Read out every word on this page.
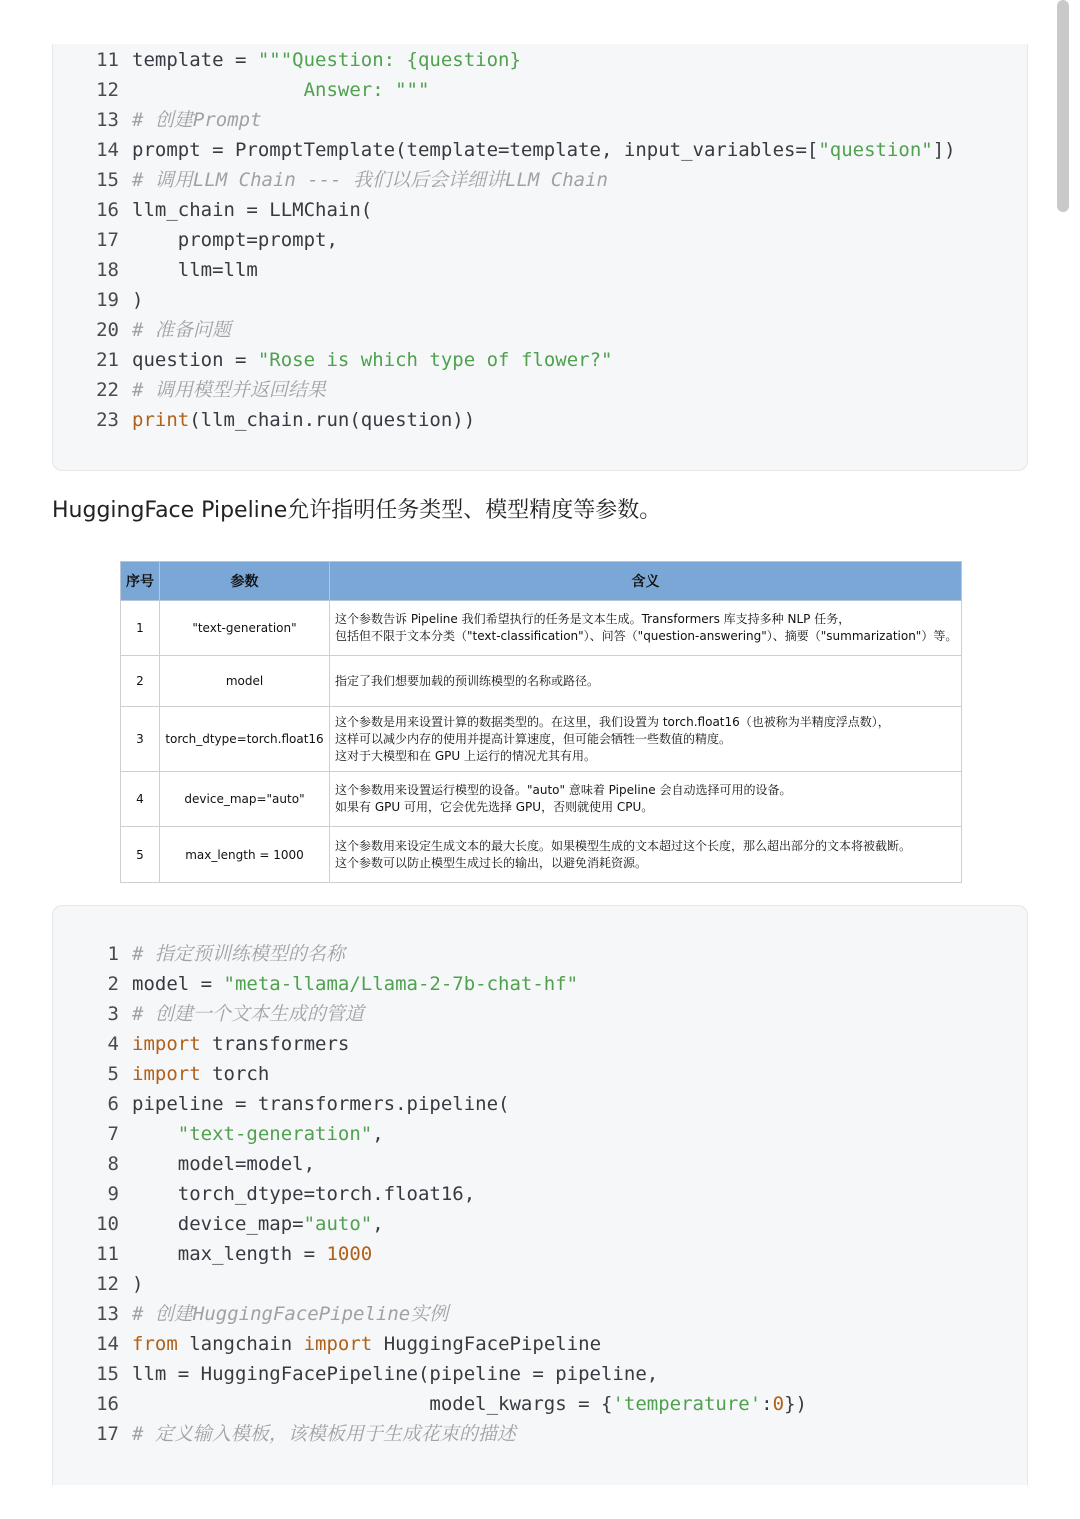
11 template = """Question: {question}
12	Answer: """
13 # 创建Prompt
14 prompt = PromptTemplate(template=template, input_variables=["question"])
15 # 调用LLM Chain --- 我们以后会详细讲LLM Chain
16 llm_chain = LLMChain(
17 prompt=prompt,
18 llm=llm
19 )
20 # 准备问题
21 question = "Rose is which type of flower?"
22 # 调用模型并返回结果
23 print(llm_chain.run(question))

HuggingFace Pipeline允许指明任务类型、模型精度等参数。

序号	参数	含义
1	"text-generation"	这个参数告诉 Pipeline 我们希望执行的任务是文本生成。Transformers 库支持多种 NLP 任务，
包括但不限于文本分类（"text-classification"）、问答（"question-answering"）、摘要（"summarization"）等。

2	model	指定了我们想要加载的预训练模型的名称或路径。

3	torch_dtype=torch.float16	这个参数是用来设置计算的数据类型的。在这里，我们设置为 torch.float16（也被称为半精度浮点数），
这样可以减少内存的使用并提高计算速度，但可能会牺牲一些数值的精度。
这对于大模型和在 GPU 上运行的情况尤其有用。

4	device_map="auto"	这个参数用来设置运行模型的设备。"auto" 意味着 Pipeline 会自动选择可用的设备。
如果有 GPU 可用，它会优先选择 GPU，否则就使用 CPU。

5	max_length = 1000	这个参数用来设定生成文本的最大长度。如果模型生成的文本超过这个长度，那么超出部分的文本将被截断。
这个参数可以防止模型生成过长的输出，以避免消耗资源。
1 # 指定预训练模型的名称
2 model = "meta-llama/Llama-2-7b-chat-hf"
3 # 创建一个文本生成的管道
4 import transformers
5 import torch
6 pipeline = transformers.pipeline(
7	"text-generation",
8 model=model,
9 torch_dtype=torch.float16,
10 device_map="auto",
11 max_length = 1000
12 )
13 # 创建HuggingFacePipeline实例
14 from langchain import HuggingFacePipeline
15 llm = HuggingFacePipeline(pipeline = pipeline,
16 model_kwargs = {'temperature':0})
17 # 定义输入模板，该模板用于生成花束的描述
